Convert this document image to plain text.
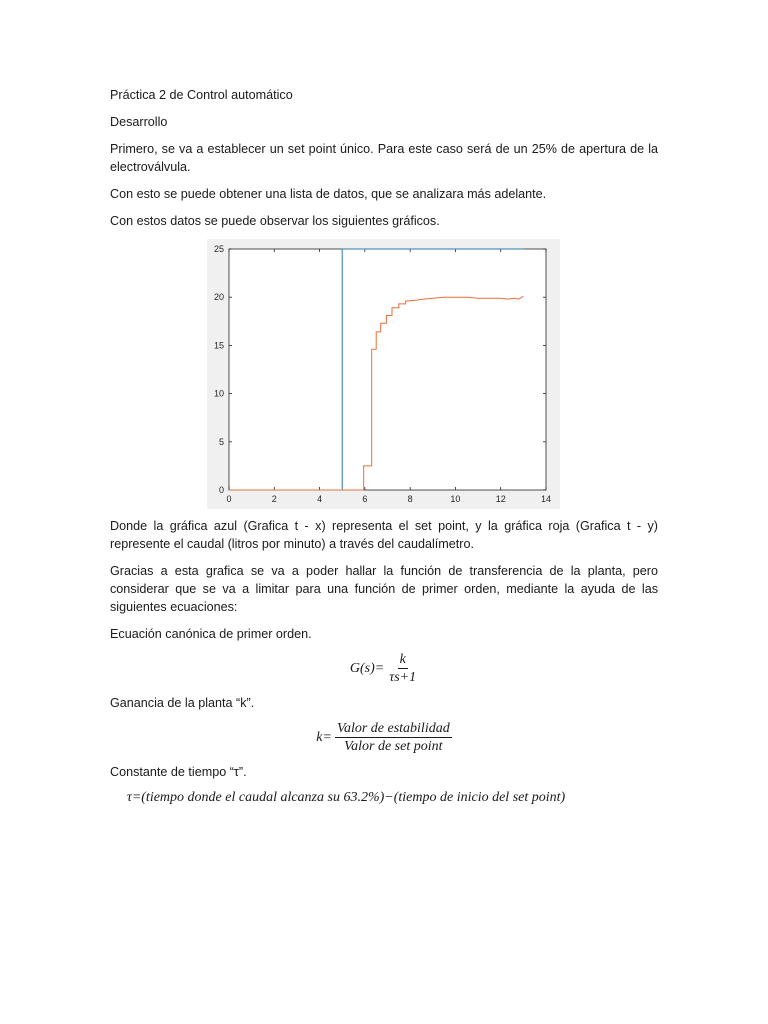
Práctica 2 de Control automático

Desarrollo

Primero, se va a establecer un set point único. Para este caso será de un 25% de apertura de la electroválvula.

Con esto se puede obtener una lista de datos, que se analizara más adelante.

Con estos datos se puede observar los siguientes gráficos.

0	2	4	6	8	10	12	14
0
5
10
15
20
25

Donde la gráfica azul (Grafica t - x) representa el set point, y la gráfica roja (Grafica t - y) represente el caudal (litros por minuto) a través del caudalímetro.

Gracias a esta grafica se va a poder hallar la función de transferencia de la planta, pero considerar que se va a limitar para una función de primer orden, mediante la ayuda de las siguientes ecuaciones:

Ecuación canónica de primer orden.

$G(s)= \frac{k}{\tau s+1}$

Ganancia de la planta “k”.

$k= \frac{\text{Valor de estabilidad}}{\text{Valor de set point}}$

Constante de tiempo “τ”.

τ=(tiempo donde el caudal alcanza su 63.2%)−(tiempo de inicio del set point)
